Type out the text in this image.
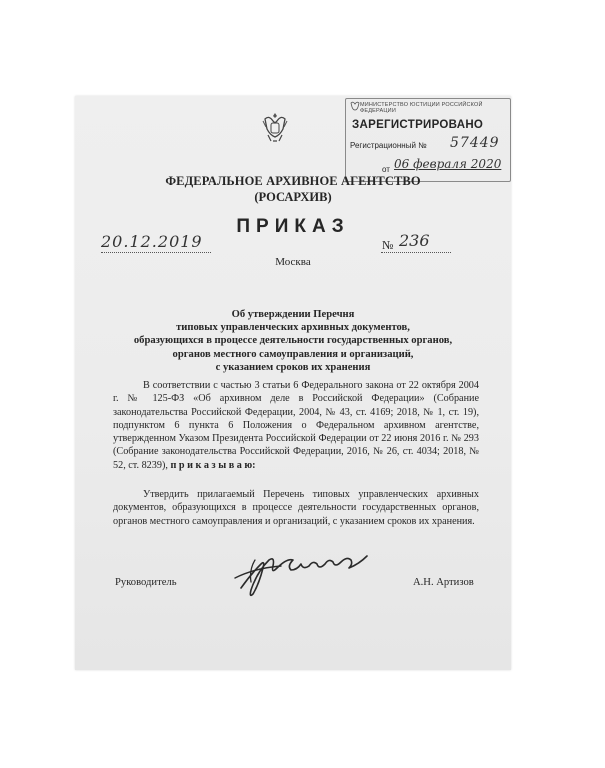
МИНИСТЕРСТВО ЮСТИЦИИ РОССИЙСКОЙ ФЕДЕРАЦИИ
ЗАРЕГИСТРИРОВАНО
Регистрационный № 57449
от 06 февраля 2020
ФЕДЕРАЛЬНОЕ АРХИВНОЕ АГЕНТСТВО
(РОСАРХИВ)
ПРИКАЗ
20.12.2019
Москва
№ 236
Об утверждении Перечня
типовых управленческих архивных документов,
образующихся в процессе деятельности государственных органов,
органов местного самоуправления и организаций,
с указанием сроков их хранения
В соответствии с частью 3 статьи 6 Федерального закона от 22 октября 2004 г. № 125-ФЗ «Об архивном деле в Российской Федерации» (Собрание законодательства Российской Федерации, 2004, № 43, ст. 4169; 2018, № 1, ст. 19), подпунктом 6 пункта 6 Положения о Федеральном архивном агентстве, утвержденном Указом Президента Российской Федерации от 22 июня 2016 г. № 293 (Собрание законодательства Российской Федерации, 2016, № 26, ст. 4034; 2018, № 52, ст. 8239), п р и к а з ы в а ю:
Утвердить прилагаемый Перечень типовых управленческих архивных документов, образующихся в процессе деятельности государственных органов, органов местного самоуправления и организаций, с указанием сроков их хранения.
Руководитель	А.Н. Артизов
